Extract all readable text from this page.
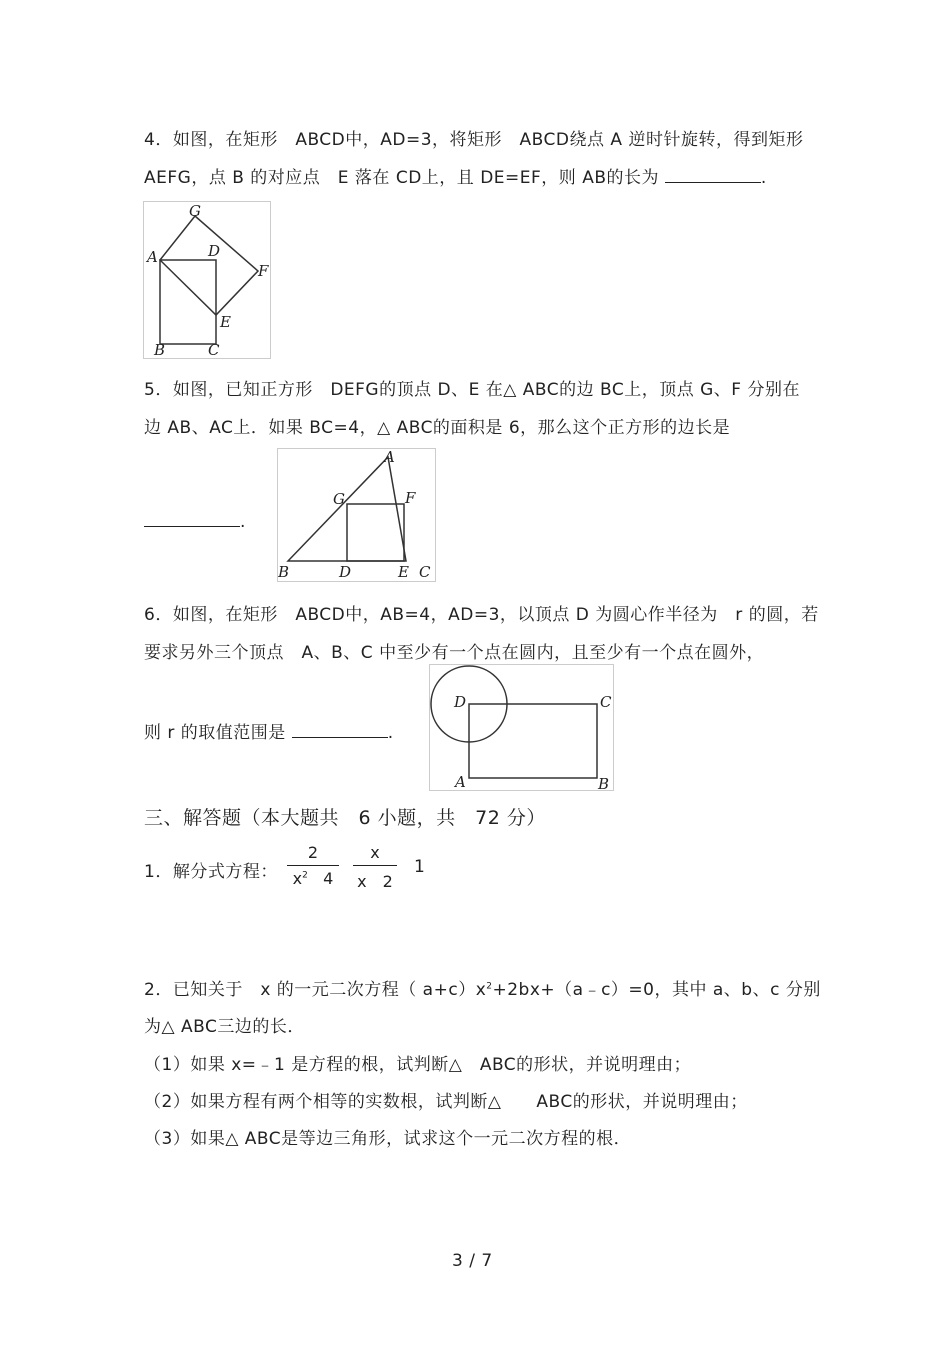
4．如图，在矩形　ABCD中，AD=3，将矩形　ABCD绕点 A 逆时针旋转，得到矩形
AEFG，点 B 的对应点　E 落在 CD上，且 DE=EF，则 AB的长为	.
G
A	D
F
E
B	C
5．如图，已知正方形　DEFG的顶点 D、E 在△ ABC的边 BC上，顶点 G、F 分别在
边 AB、AC上．如果 BC=4，△ ABC的面积是 6，那么这个正方形的边长是
.
A
G	F
B	D	E C
6．如图，在矩形　ABCD中，AB=4，AD=3，以顶点 D 为圆心作半径为　r 的圆，若
要求另外三个顶点　A、B、C 中至少有一个点在圆内，且至少有一个点在圆外，
则 r 的取值范围是	.
D	C
A	B
三、解答题（本大题共　6 小题，共　72 分）
1．解分式方程：
2
$x^2$ 4
x
x　2
1
2．已知关于　x 的一元二次方程（ $a+c)x^2+2bx+(a﹣c)=0$，其中 a、b、c 分别
为△ ABC三边的长．
（1）如果 x=﹣1 是方程的根，试判断△　ABC的形状，并说明理由；
（2）如果方程有两个相等的实数根，试判断△　　ABC的形状，并说明理由；
（3）如果△ ABC是等边三角形，试求这个一元二次方程的根．
3 / 7
